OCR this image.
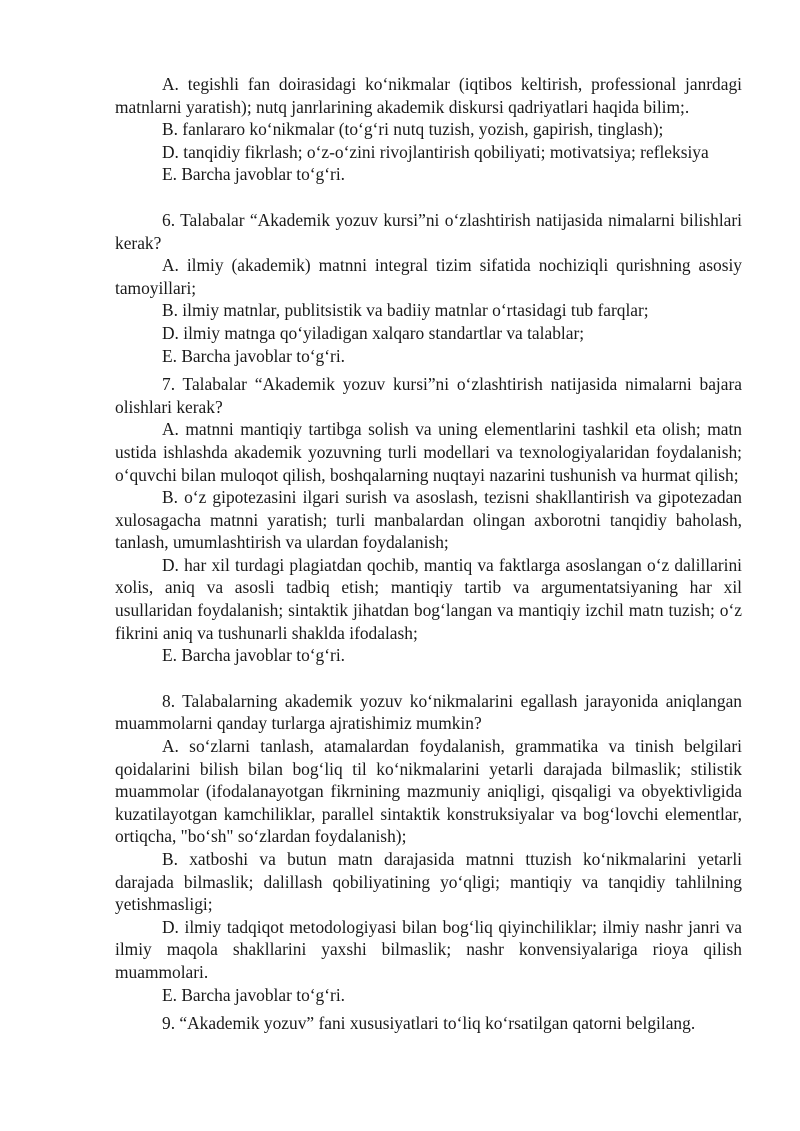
A. tegishli fan doirasidagi ko‘nikmalar (iqtibos keltirish, professional janrdagi matnlarni yaratish); nutq janrlarining akademik diskursi qadriyatlari haqida bilim;.

B. fanlararo ko‘nikmalar (to‘g‘ri nutq tuzish, yozish, gapirish, tinglash);

D. tanqidiy fikrlash; o‘z-o‘zini rivojlantirish qobiliyati; motivatsiya; refleksiya

E. Barcha javoblar to‘g‘ri.

6. Talabalar “Akademik yozuv kursi”ni o‘zlashtirish natijasida nimalarni bilishlari kerak?

A. ilmiy (akademik) matnni integral tizim sifatida nochiziqli qurishning asosiy tamoyillari;

B. ilmiy matnlar, publitsistik va badiiy matnlar o‘rtasidagi tub farqlar;

D. ilmiy matnga qo‘yiladigan xalqaro standartlar va talablar;

E. Barcha javoblar to‘g‘ri.

7. Talabalar “Akademik yozuv kursi”ni o‘zlashtirish natijasida nimalarni bajara olishlari kerak?

A. matnni mantiqiy tartibga solish va uning elementlarini tashkil eta olish; matn ustida ishlashda akademik yozuvning turli modellari va texnologiyalaridan foydalanish; o‘quvchi bilan muloqot qilish, boshqalarning nuqtayi nazarini tushunish va hurmat qilish;

B. o‘z gipotezasini ilgari surish va asoslash, tezisni shakllantirish va gipotezadan xulosagacha matnni yaratish; turli manbalardan olingan axborotni tanqidiy baholash, tanlash, umumlashtirish va ulardan foydalanish;

D. har xil turdagi plagiatdan qochib, mantiq va faktlarga asoslangan o‘z dalillarini xolis, aniq va asosli tadbiq etish; mantiqiy tartib va argumentatsiyaning har xil usullaridan foydalanish; sintaktik jihatdan bog‘langan va mantiqiy izchil matn tuzish; o‘z fikrini aniq va tushunarli shaklda ifodalash;

E. Barcha javoblar to‘g‘ri.

8. Talabalarning akademik yozuv ko‘nikmalarini egallash jarayonida aniqlangan muammolarni qanday turlarga ajratishimiz mumkin?

A. so‘zlarni tanlash, atamalardan foydalanish, grammatika va tinish belgilari qoidalarini bilish bilan bog‘liq til ko‘nikmalarini yetarli darajada bilmaslik; stilistik muammolar (ifodalanayotgan fikrnining mazmuniy aniqligi, qisqaligi va obyektivligida kuzatilayotgan kamchiliklar, parallel sintaktik konstruksiyalar va bog‘lovchi elementlar, ortiqcha, "bo‘sh" so‘zlardan foydalanish);

B. xatboshi va butun matn darajasida matnni ttuzish ko‘nikmalarini yetarli darajada bilmaslik; dalillash qobiliyatining yo‘qligi; mantiqiy va tanqidiy tahlilning yetishmasligi;

D. ilmiy tadqiqot metodologiyasi bilan bog‘liq qiyinchiliklar; ilmiy nashr janri va ilmiy maqola shakllarini yaxshi bilmaslik; nashr konvensiyalariga rioya qilish muammolari.

E. Barcha javoblar to‘g‘ri.

9. “Akademik yozuv” fani xususiyatlari to‘liq ko‘rsatilgan qatorni belgilang.
